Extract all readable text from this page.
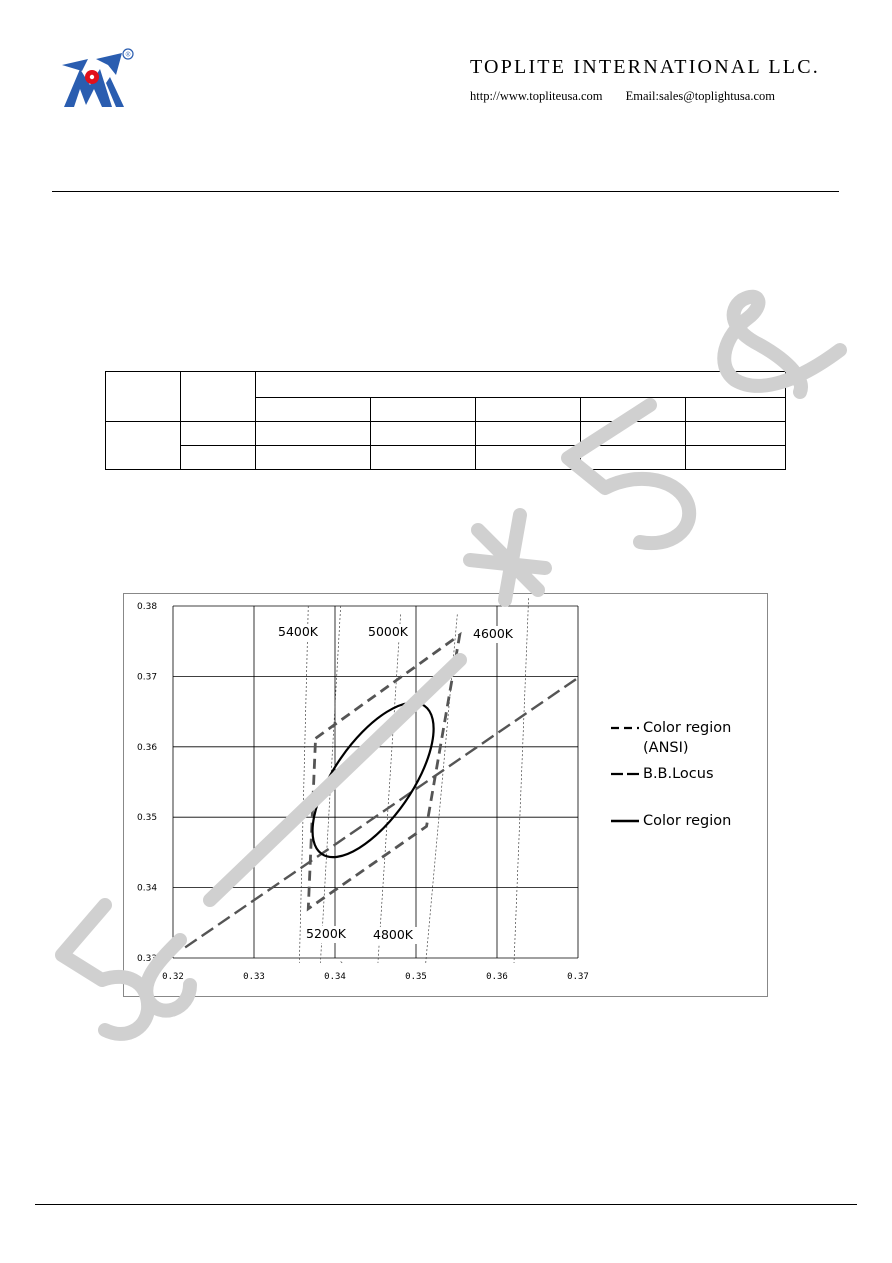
®
TOPLITE INTERNATIONAL LLC.
http://www.topliteusa.com Email:sales@toplightusa.com

0.32	0.33	0.34	0.35	0.36	0.37
0.33
0.34
0.35
0.36
0.37
0.38
5400K	5000K	4600K
5200K 4800K
Color region
(ANSI)
B.B.Locus
Color region
